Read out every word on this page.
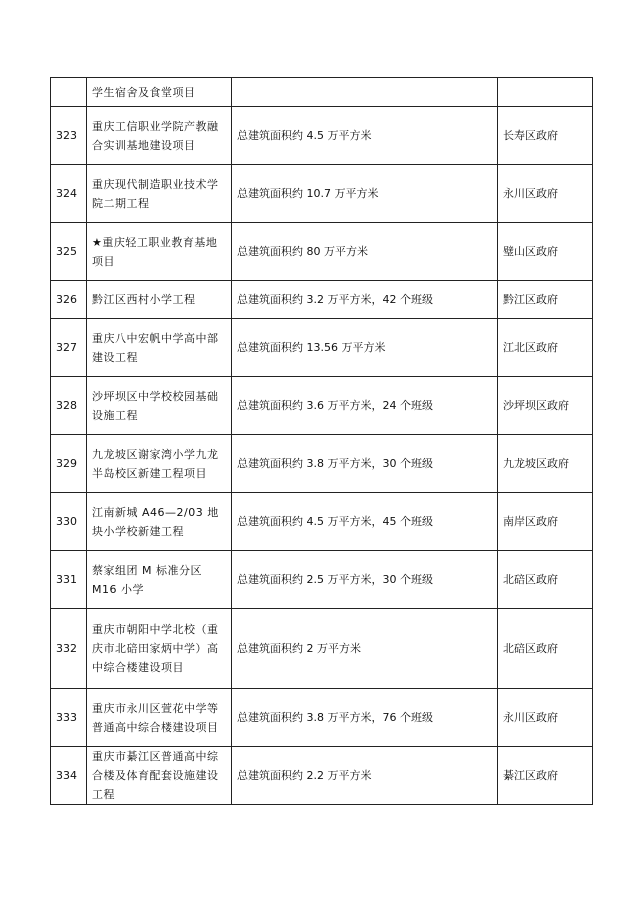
	学生宿舍及食堂项目		
323	重庆工信职业学院产教融合实训基地建设项目	总建筑面积约 4.5 万平方米	长寿区政府
324	重庆现代制造职业技术学院二期工程	总建筑面积约 10.7 万平方米	永川区政府
325	★重庆轻工职业教育基地项目	总建筑面积约 80 万平方米	璧山区政府
326	黔江区西村小学工程	总建筑面积约 3.2 万平方米，42 个班级	黔江区政府
327	重庆八中宏帆中学高中部建设工程	总建筑面积约 13.56 万平方米	江北区政府
328	沙坪坝区中学校校园基础设施工程	总建筑面积约 3.6 万平方米，24 个班级	沙坪坝区政府
329	九龙坡区谢家湾小学九龙半岛校区新建工程项目	总建筑面积约 3.8 万平方米，30 个班级	九龙坡区政府
330	江南新城 A46—2/03 地块小学校新建工程	总建筑面积约 4.5 万平方米，45 个班级	南岸区政府
331	蔡家组团 M 标准分区 M16 小学	总建筑面积约 2.5 万平方米，30 个班级	北碚区政府
332	重庆市朝阳中学北校（重庆市北碚田家炳中学）高中综合楼建设项目	总建筑面积约 2 万平方米	北碚区政府
333	重庆市永川区萱花中学等普通高中综合楼建设项目	总建筑面积约 3.8 万平方米，76 个班级	永川区政府
334	重庆市綦江区普通高中综合楼及体育配套设施建设工程	总建筑面积约 2.2 万平方米	綦江区政府
